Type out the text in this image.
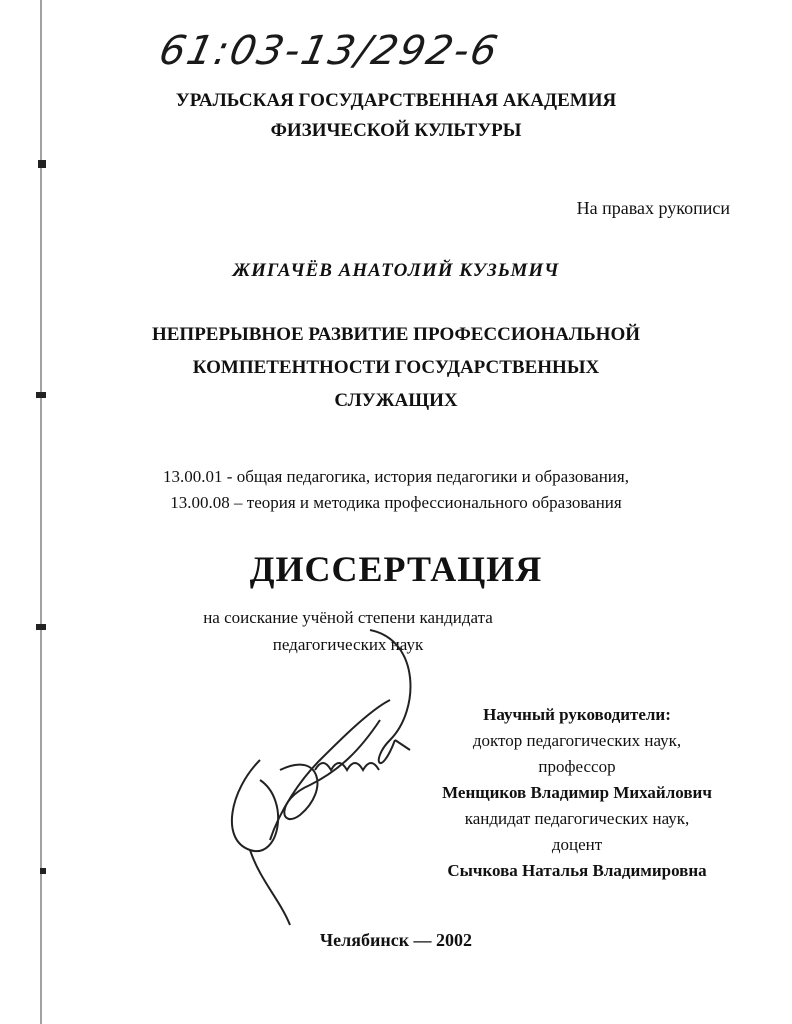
61:03-13/292-6
УРАЛЬСКАЯ ГОСУДАРСТВЕННАЯ АКАДЕМИЯ
ФИЗИЧЕСКОЙ КУЛЬТУРЫ
На правах рукописи
ЖИГАЧЁВ АНАТОЛИЙ КУЗЬМИЧ
НЕПРЕРЫВНОЕ РАЗВИТИЕ ПРОФЕССИОНАЛЬНОЙ
КОМПЕТЕНТНОСТИ ГОСУДАРСТВЕННЫХ
СЛУЖАЩИХ
13.00.01 - общая педагогика, история педагогики и образования,
13.00.08 – теория и методика профессионального образования
ДИССЕРТАЦИЯ
на соискание учёной степени кандидата
педагогических наук
Научный руководители:
доктор педагогических наук,
профессор
Менщиков Владимир Михайлович
кандидат педагогических наук,
доцент
Сычкова Наталья Владимировна
Челябинск — 2002
